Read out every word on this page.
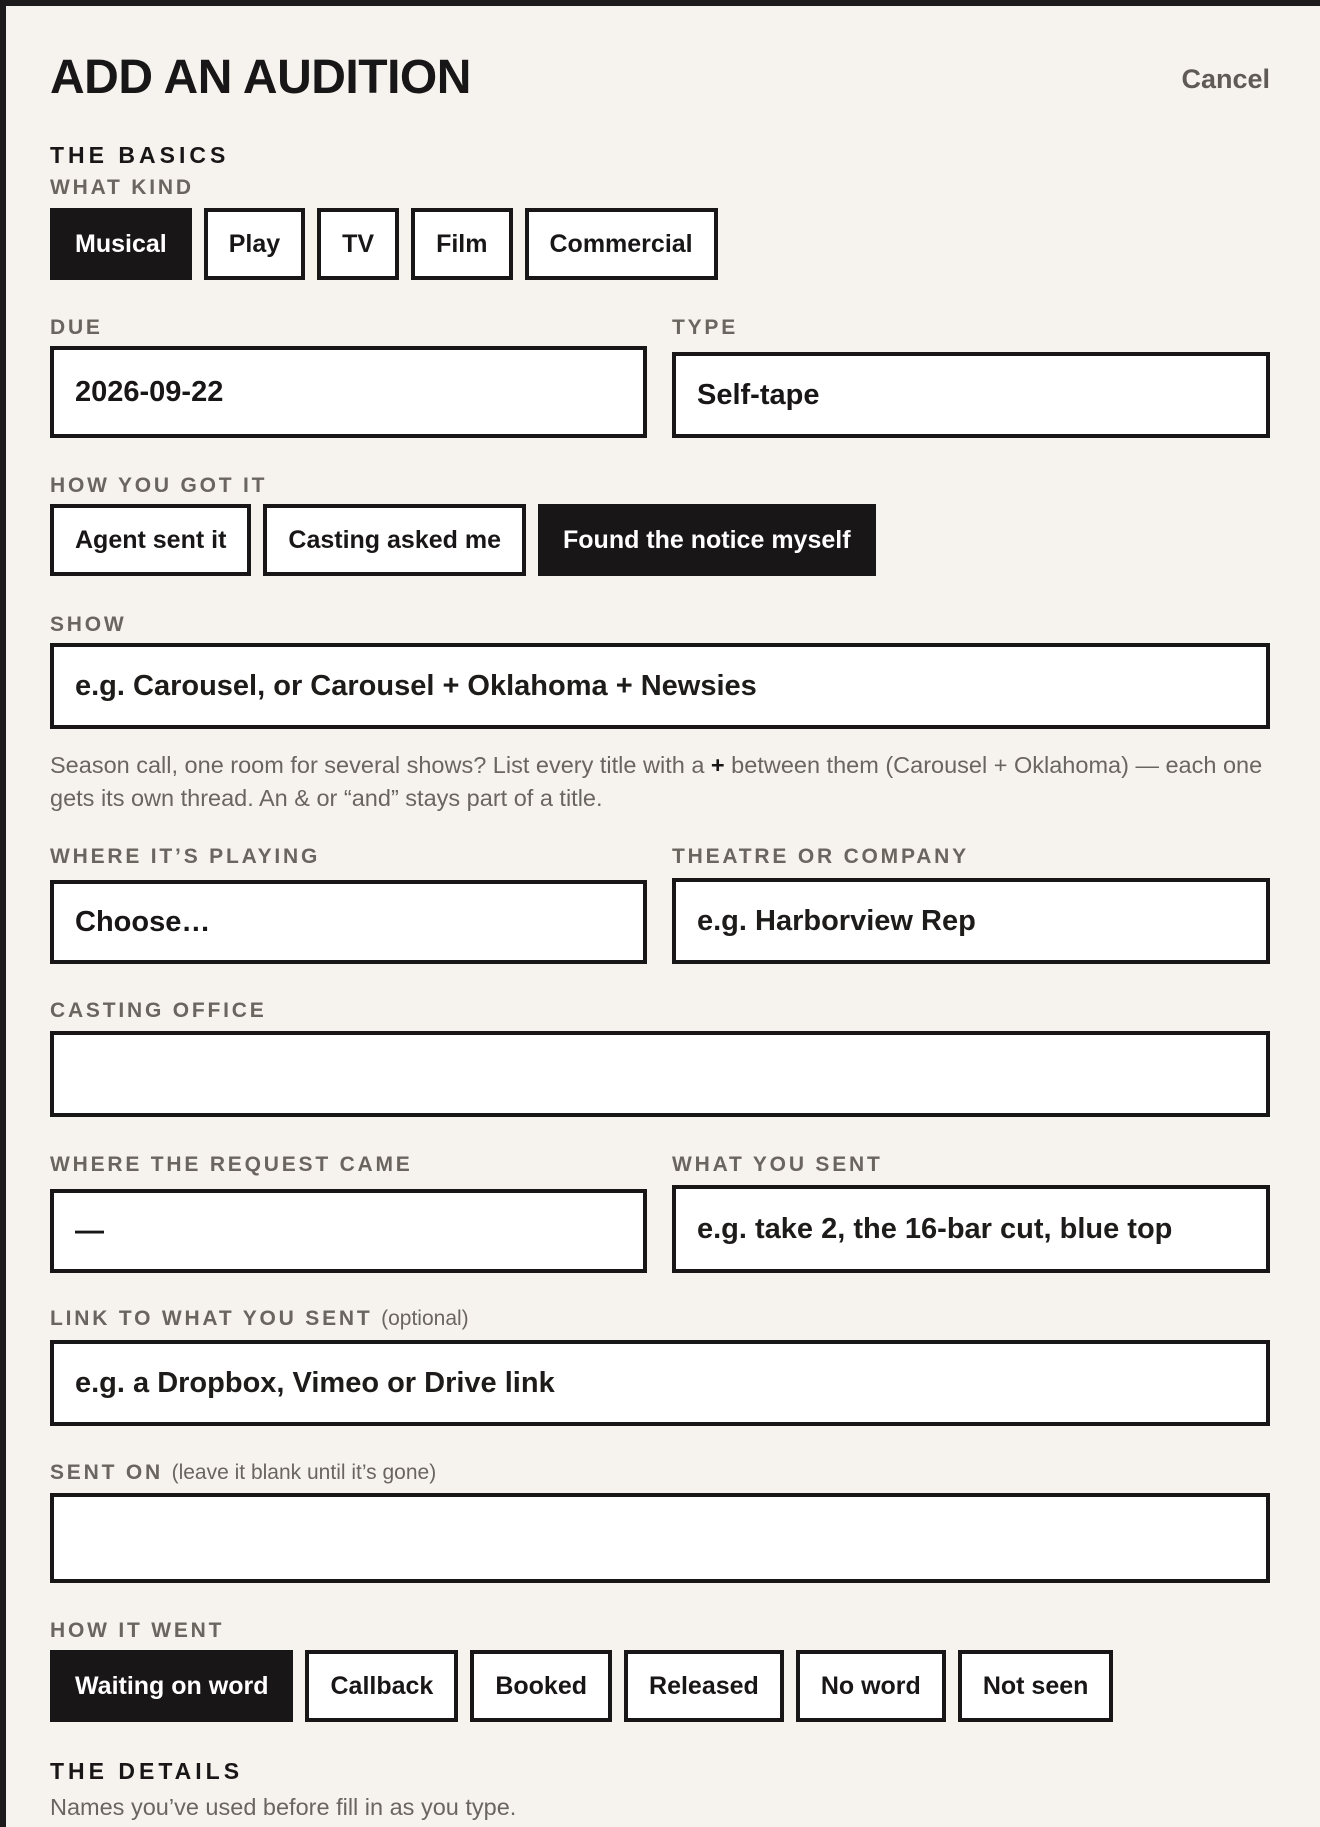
ADD AN AUDITION	Cancel
THE BASICS
WHAT KIND
Musical	Play	TV	Film	Commercial
DUE
2026-09-22
TYPE
Self-tape
HOW YOU GOT IT
Agent sent it	Casting asked me	Found the notice myself
SHOW
e.g. Carousel, or Carousel + Oklahoma + Newsies

Season call, one room for several shows? List every title with a + between them (Carousel + Oklahoma) — each one gets its own thread. An & or “and” stays part of a title.

WHERE IT’S PLAYING
Choose…
THEATRE OR COMPANY
e.g. Harborview Rep
CASTING OFFICE
WHERE THE REQUEST CAME
—
WHAT YOU SENT
e.g. take 2, the 16-bar cut, blue top
LINK TO WHAT YOU SENT (optional)
e.g. a Dropbox, Vimeo or Drive link
SENT ON (leave it blank until it’s gone)
HOW IT WENT
Waiting on word	Callback	Booked	Released	No word	Not seen
THE DETAILS

Names you’ve used before fill in as you type.
